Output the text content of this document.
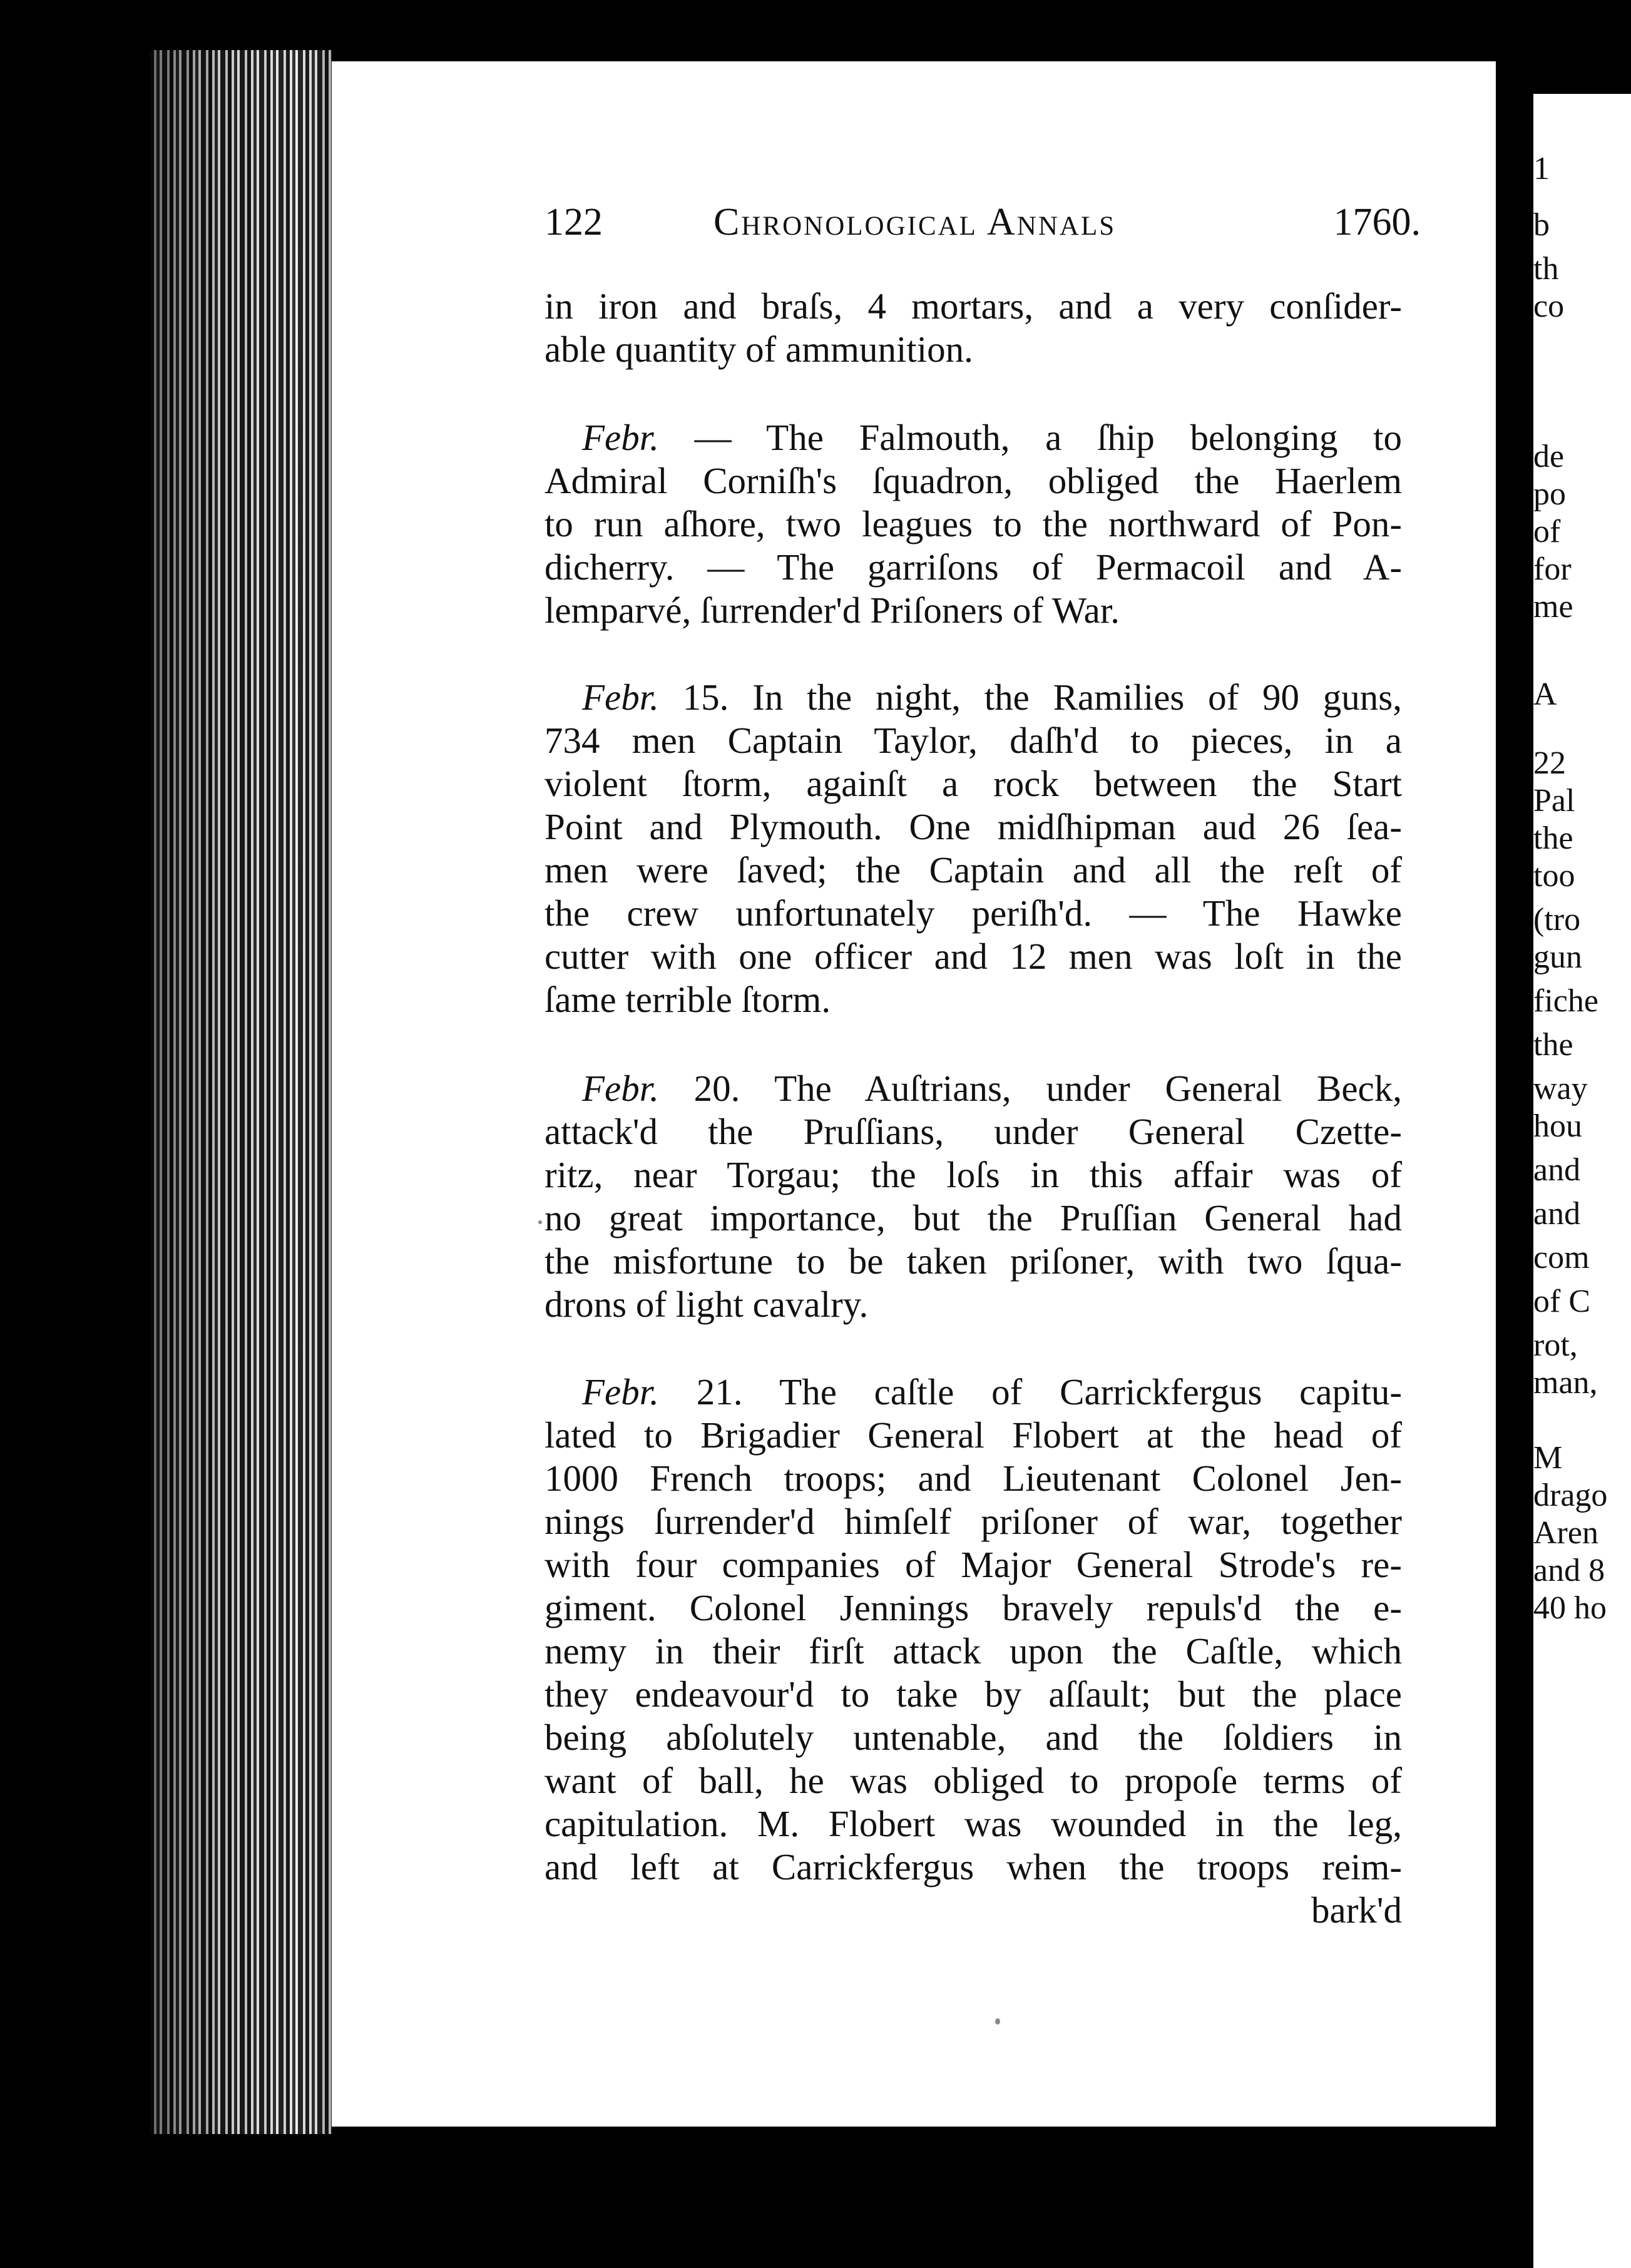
1
b
th
co
de
po
of
for
me
A
22
Pal
the
too
(tro
gun
fiche
the
way
hou
and
and
com
of C
rot,
man,
M
drago
Aren
and 8
40 ho
122	Chronological Annals	1760.
in iron and braſs, 4 mortars, and a very conſider-
able quantity of ammunition.
Febr. — The Falmouth, a ſhip belonging to
Admiral Corniſh's ſquadron, obliged the Haerlem
to run aſhore, two leagues to the northward of Pon-
dicherry. — The garriſons of Permacoil and A-
lemparvé, ſurrender'd Priſoners of War.
Febr. 15. In the night, the Ramilies of 90 guns,
734 men Captain Taylor, daſh'd to pieces, in a
violent ſtorm, againſt a rock between the Start
Point and Plymouth. One midſhipman aud 26 ſea-
men were ſaved; the Captain and all the reſt of
the crew unfortunately periſh'd. — The Hawke
cutter with one officer and 12 men was loſt in the
ſame terrible ſtorm.
Febr. 20. The Auſtrians, under General Beck,
attack'd the Pruſſians, under General Czette-
ritz, near Torgau; the loſs in this affair was of
no great importance, but the Pruſſian General had
the misfortune to be taken priſoner, with two ſqua-
drons of light cavalry.
Febr. 21. The caſtle of Carrickfergus capitu-
lated to Brigadier General Flobert at the head of
1000 French troops; and Lieutenant Colonel Jen-
nings ſurrender'd himſelf priſoner of war, together
with four companies of Major General Strode's re-
giment. Colonel Jennings bravely repuls'd the e-
nemy in their firſt attack upon the Caſtle, which
they endeavour'd to take by aſſault; but the place
being abſolutely untenable, and the ſoldiers in
want of ball, he was obliged to propoſe terms of
capitulation. M. Flobert was wounded in the leg,
and left at Carrickfergus when the troops reim-
bark'd
